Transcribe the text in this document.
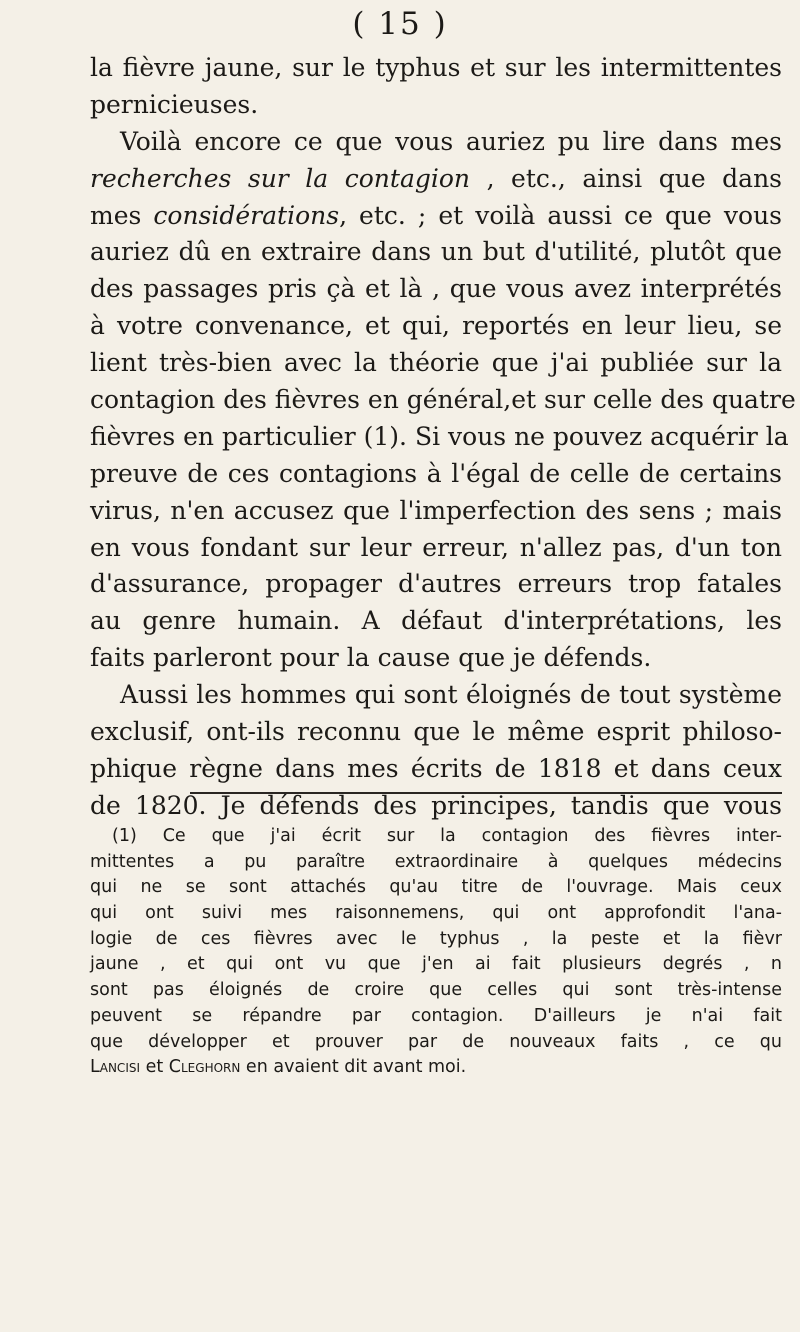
( 15 )
la fièvre jaune, sur le typhus et sur les intermittentes
pernicieuses.
Voilà encore ce que vous auriez pu lire dans mes
recherches sur la contagion , etc., ainsi que dans
mes considérations, etc. ; et voilà aussi ce que vous
auriez dû en extraire dans un but d'utilité, plutôt que
des passages pris çà et là , que vous avez interprétés
à votre convenance, et qui, reportés en leur lieu, se
lient très-bien avec la théorie que j'ai publiée sur la
contagion des fièvres en général,et sur celle des quatre
fièvres en particulier (1). Si vous ne pouvez acquérir la
preuve de ces contagions à l'égal de celle de certains
virus, n'en accusez que l'imperfection des sens ; mais
en vous fondant sur leur erreur, n'allez pas, d'un ton
d'assurance, propager d'autres erreurs trop fatales
au genre humain. A défaut d'interprétations, les
faits parleront pour la cause que je défends.
Aussi les hommes qui sont éloignés de tout système
exclusif, ont-ils reconnu que le même esprit philoso-
phique règne dans mes écrits de 1818 et dans ceux
de 1820. Je défends des principes, tandis que vous
(1) Ce que j'ai écrit sur la contagion des fièvres inter-
mittentes a pu paraître extraordinaire à quelques médecins
qui ne se sont attachés qu'au titre de l'ouvrage. Mais ceux
qui ont suivi mes raisonnemens, qui ont approfondit l'ana-
logie de ces fièvres avec le typhus , la peste et la fièvr
jaune , et qui ont vu que j'en ai fait plusieurs degrés , n
sont pas éloignés de croire que celles qui sont très-intense
peuvent se répandre par contagion. D'ailleurs je n'ai fait
que développer et prouver par de nouveaux faits , ce qu
Lancisi et Cleghorn en avaient dit avant moi.
